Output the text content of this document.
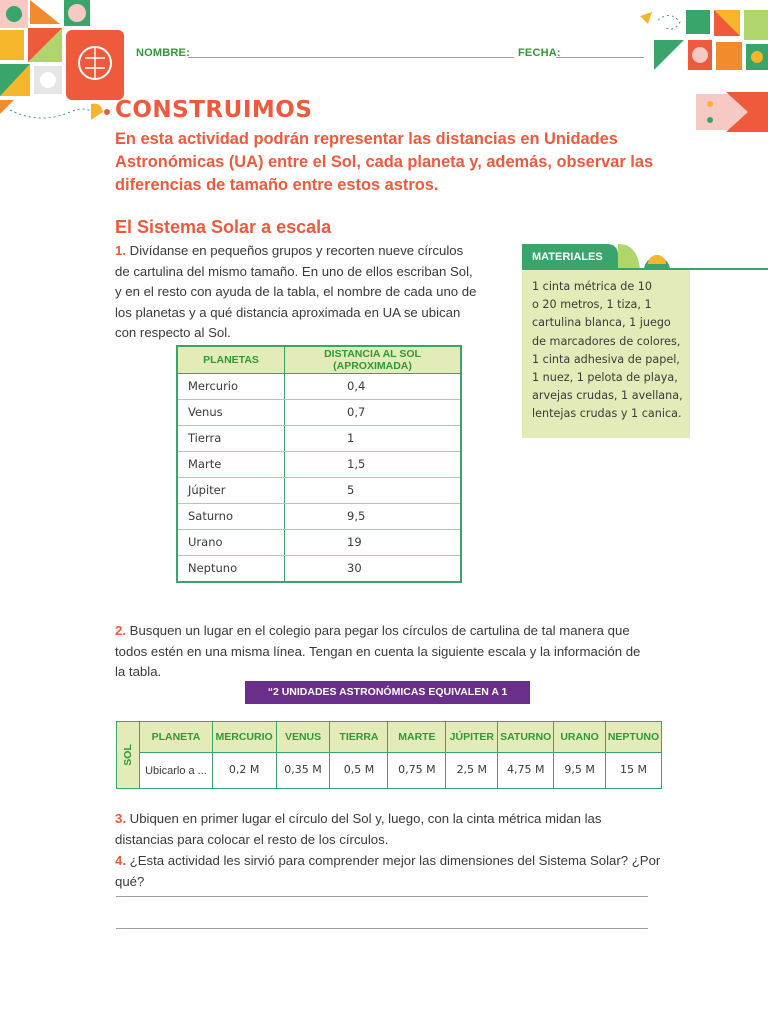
NOMBRE:	FECHA:
CONSTRUIMOS
En esta actividad podrán representar las distancias en Unidades Astronómicas (UA) entre el Sol, cada planeta y, además, observar las diferencias de tamaño entre estos astros.
El Sistema Solar a escala
1. Divídanse en pequeños grupos y recorten nueve círculos de cartulina del mismo tamaño. En uno de ellos escriban Sol, y en el resto con ayuda de la tabla, el nombre de cada uno de los planetas y a qué distancia aproximada en UA se ubican con respecto al Sol.
MATERIALES
1 cinta métrica de 10
o 20 metros, 1 tiza, 1
cartulina blanca, 1 juego
de marcadores de colores,
1 cinta adhesiva de papel,
1 nuez, 1 pelota de playa,
arvejas crudas, 1 avellana,
lentejas crudas y 1 canica.
PLANETAS	DISTANCIA AL SOL (APROXIMADA)
Mercurio	0,4
Venus	0,7
Tierra	1
Marte	1,5
Júpiter	5
Saturno	9,5
Urano	19
Neptuno	30
2. Busquen un lugar en el colegio para pegar los círculos de cartulina de tal manera que todos estén en una misma línea. Tengan en cuenta la siguiente escala y la información de la tabla.
“2 UNIDADES ASTRONÓMICAS EQUIVALEN A 1 METRO”
SOL	PLANETA	MERCURIO	VENUS	TIERRA	MARTE	JÚPITER	SATURNO	URANO	NEPTUNO
	Ubicarlo a ...	0,2 M	0,35 M	0,5 M	0,75 M	2,5 M	4,75 M	9,5 M	15 M
3. Ubiquen en primer lugar el círculo del Sol y, luego, con la cinta métrica midan las distancias para colocar el resto de los círculos.
4. ¿Esta actividad les sirvió para comprender mejor las dimensiones del Sistema Solar? ¿Por qué?
